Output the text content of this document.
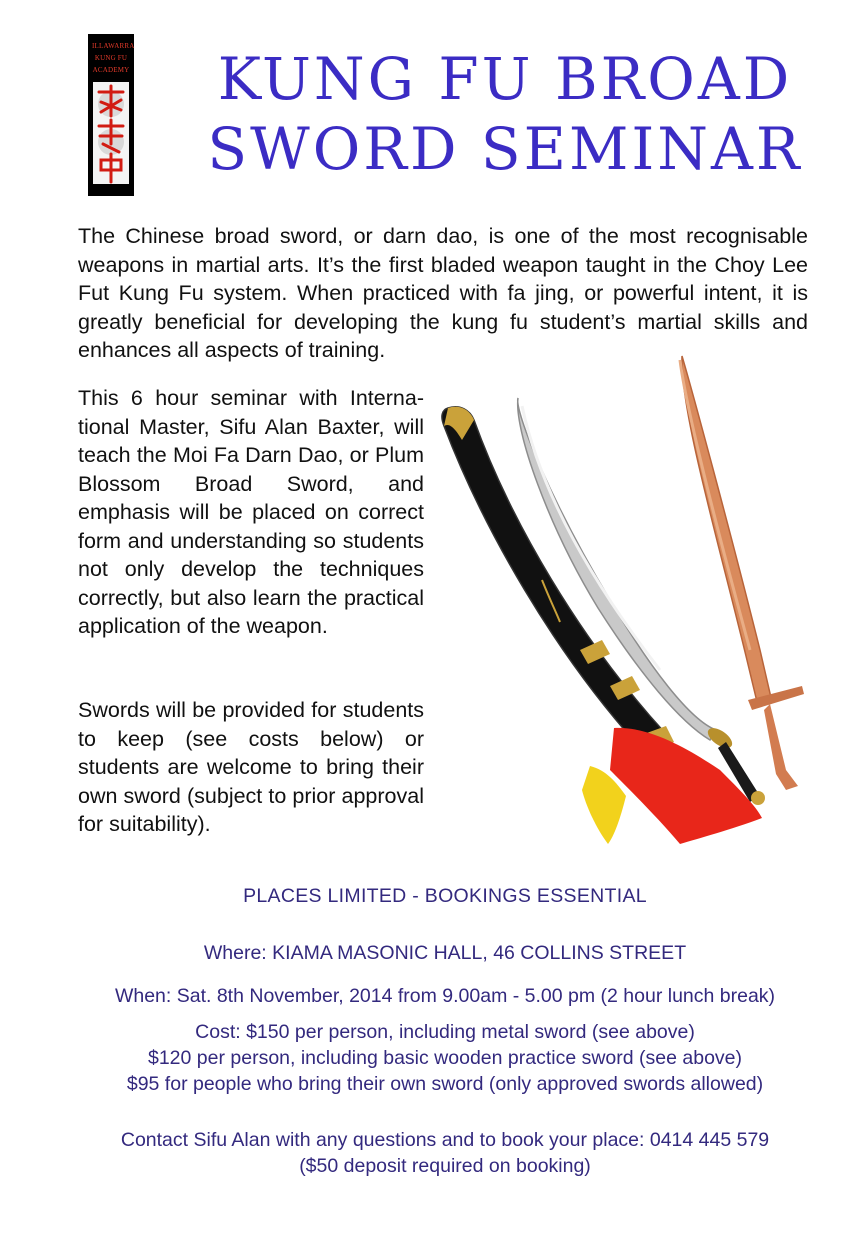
ILLAWARRA
KUNG FU
ACADEMY	KUNG FU BROAD
SWORD SEMINAR

The Chinese broad sword, or darn dao, is one of the most recognisable weapons in martial arts. It’s the first bladed weapon taught in the Choy Lee Fut Kung Fu system. When practiced with fa jing, or powerful intent, it is greatly beneficial for developing the kung fu student’s martial skills and enhances all aspects of training.

This 6 hour seminar with International Master, Sifu Alan Baxter, will teach the Moi Fa Darn Dao, or Plum Blossom Broad Sword, and emphasis will be placed on correct form and understanding so students not only develop the techniques correctly, but also learn the practical application of the weapon.

Swords will be provided for students to keep (see costs below) or students are welcome to bring their own sword (subject to prior approval for suitability).

PLACES LIMITED - BOOKINGS ESSENTIAL

Where: KIAMA MASONIC HALL, 46 COLLINS STREET

When: Sat. 8th November, 2014 from 9.00am - 5.00 pm (2 hour lunch break)

Cost: $150 per person, including metal sword (see above)
$120 per person, including basic wooden practice sword (see above)
$95 for people who bring their own sword (only approved swords allowed)
Contact Sifu Alan with any questions and to book your place: 0414 445 579
($50 deposit required on booking)
